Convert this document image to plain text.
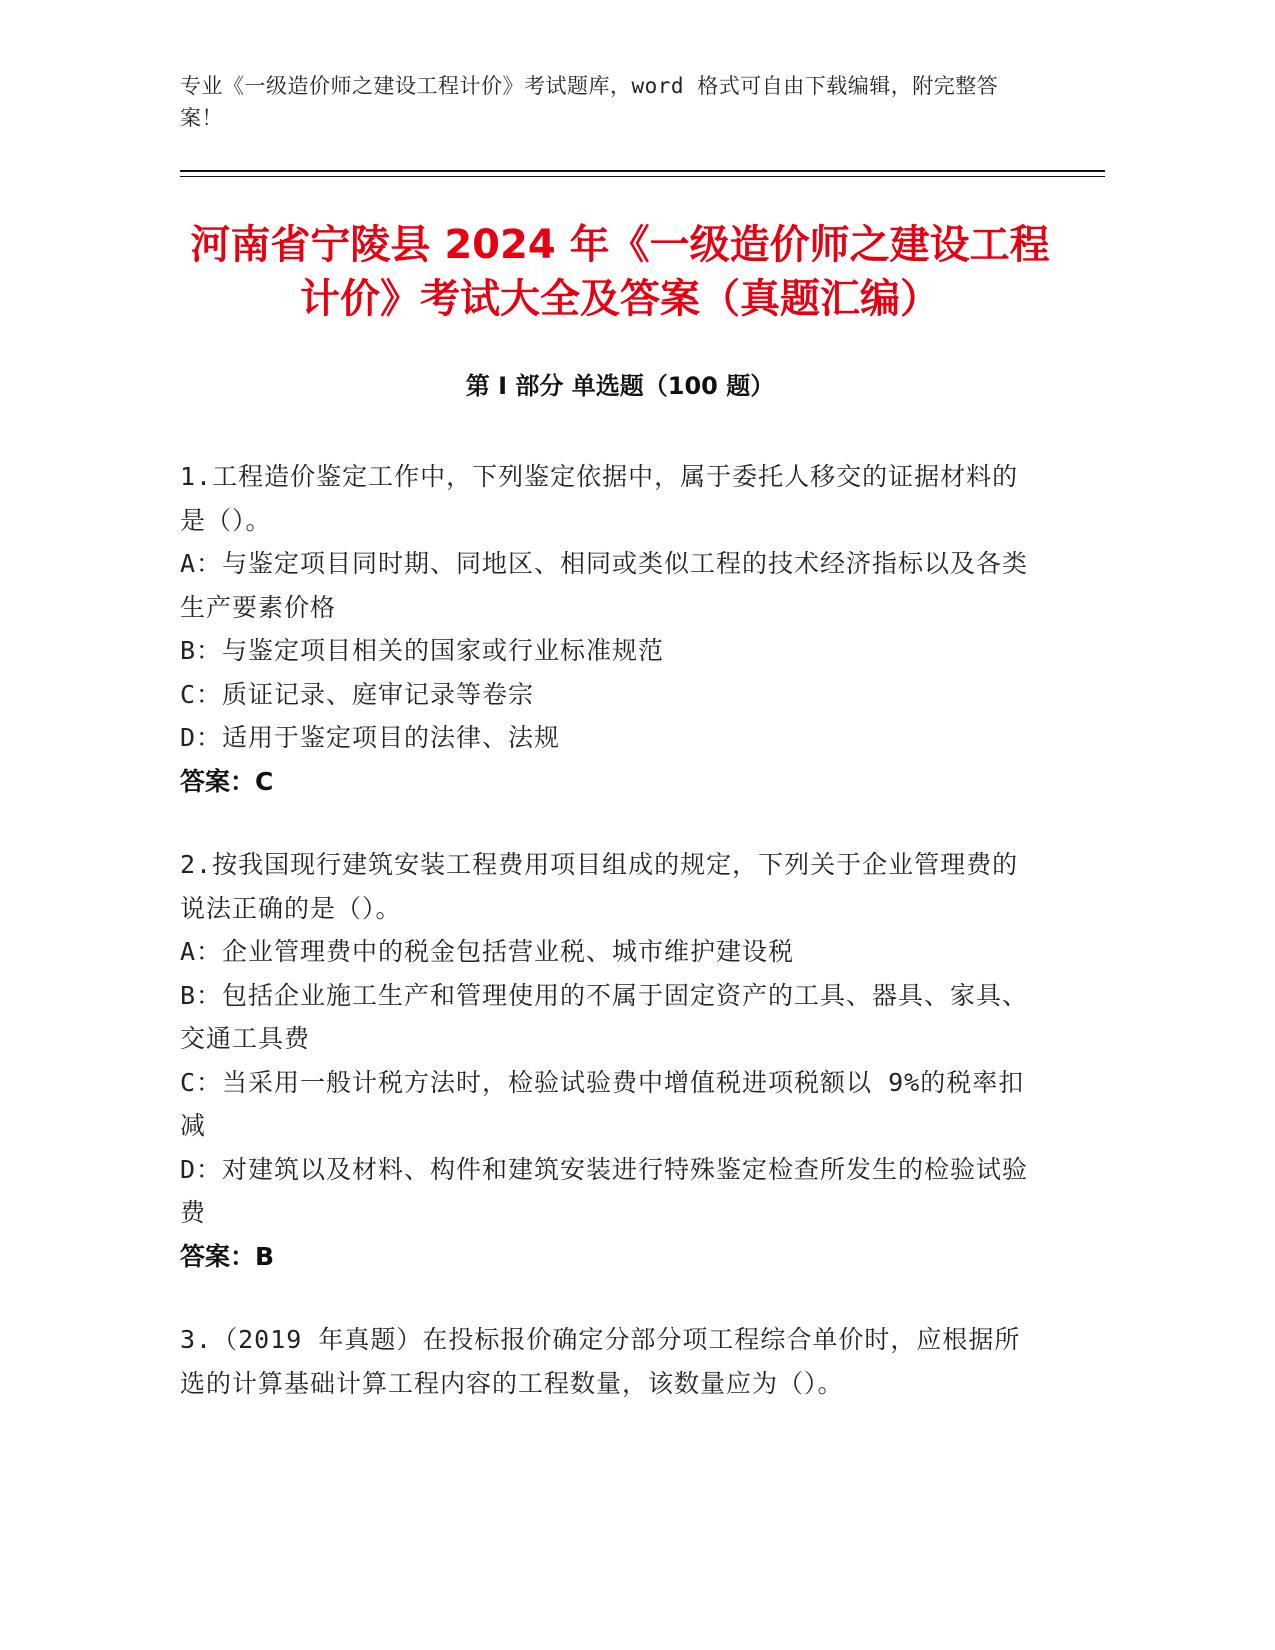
专业《一级造价师之建设工程计价》考试题库，word 格式可自由下载编辑，附完整答案！
河南省宁陵县 2024 年《一级造价师之建设工程计价》考试大全及答案（真题汇编）
第 I 部分 单选题（100 题）

1.工程造价鉴定工作中，下列鉴定依据中，属于委托人移交的证据材料的是（）。

A：与鉴定项目同时期、同地区、相同或类似工程的技术经济指标以及各类生产要素价格

B：与鉴定项目相关的国家或行业标准规范

C：质证记录、庭审记录等卷宗

D：适用于鉴定项目的法律、法规

答案：C

2.按我国现行建筑安装工程费用项目组成的规定，下列关于企业管理费的说法正确的是（）。

A：企业管理费中的税金包括营业税、城市维护建设税

B：包括企业施工生产和管理使用的不属于固定资产的工具、器具、家具、交通工具费

C：当采用一般计税方法时，检验试验费中增值税进项税额以 9%的税率扣减

D：对建筑以及材料、构件和建筑安装进行特殊鉴定检查所发生的检验试验费

答案：B

3.（2019 年真题）在投标报价确定分部分项工程综合单价时，应根据所选的计算基础计算工程内容的工程数量，该数量应为（）。
